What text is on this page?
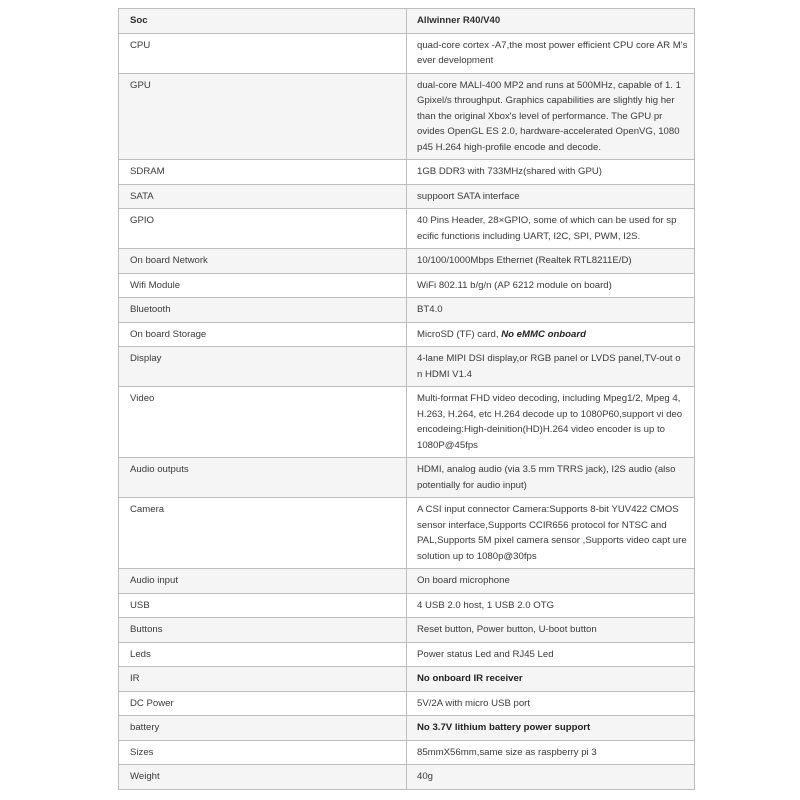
Soc	Allwinner R40/V40
CPU	quad-core cortex -A7,the most power efficient CPU core AR M's ever development
GPU	dual-core MALI-400 MP2 and runs at 500MHz, capable of 1. 1 Gpixel/s throughput. Graphics capabilities are slightly hig her than the original Xbox's level of performance. The GPU pr ovides OpenGL ES 2.0, hardware-accelerated OpenVG, 1080 p45 H.264 high-profile encode and decode.
SDRAM	1GB DDR3 with 733MHz(shared with GPU)
SATA	suppoort SATA interface
GPIO	40 Pins Header, 28×GPIO, some of which can be used for sp ecific functions including UART, I2C, SPI, PWM, I2S.
On board Network	10/100/1000Mbps Ethernet (Realtek RTL8211E/D)
Wifi Module	WiFi 802.11 b/g/n (AP 6212 module on board)
Bluetooth	BT4.0
On board Storage	MicroSD (TF) card, No eMMC onboard
Display	4-lane MIPI DSI display,or RGB panel or LVDS panel,TV-out o n HDMI V1.4
Video	Multi-format FHD video decoding, including Mpeg1/2, Mpeg 4, H.263, H.264, etc H.264 decode up to 1080P60,support vi deo encodeing:High-deinition(HD)H.264 video encoder is up to 1080P@45fps
Audio outputs	HDMI, analog audio (via 3.5 mm TRRS jack), I2S audio (also potentially for audio input)
Camera	A CSI input connector Camera:Supports 8-bit YUV422 CMOS sensor interface,Supports CCIR656 protocol for NTSC and PAL,Supports 5M pixel camera sensor ,Supports video capt ure solution up to 1080p@30fps
Audio input	On board microphone
USB	4 USB 2.0 host, 1 USB 2.0 OTG
Buttons	Reset button, Power button, U-boot button
Leds	Power status Led and RJ45 Led
IR	No onboard IR receiver
DC Power	5V/2A with micro USB port
battery	No 3.7V lithium battery power support
Sizes	85mmX56mm,same size as raspberry pi 3
Weight	40g
